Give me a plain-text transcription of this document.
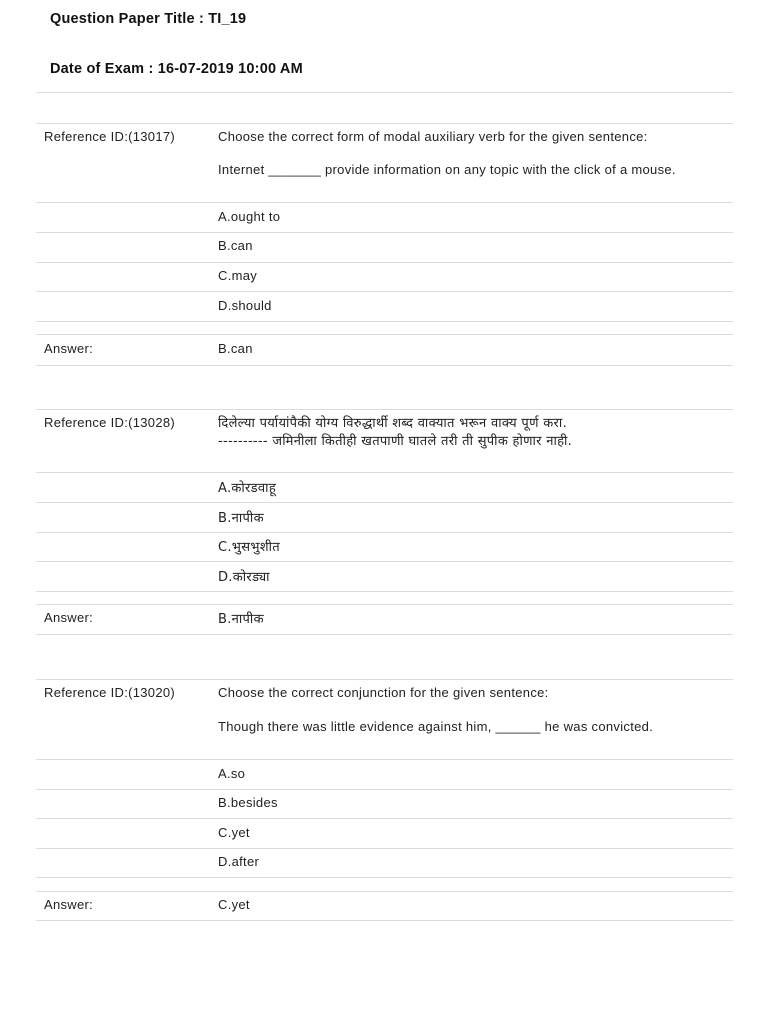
Question Paper Title : TI_19
Date of Exam : 16-07-2019 10:00 AM
Reference ID:(13017)	Choose the correct form of modal auxiliary verb for the given sentence:
Internet _______ provide information on any topic with the click of a mouse.
A.ought to
B.can
C.may
D.should
Answer:	B.can
Reference ID:(13028)	दिलेल्या पर्यायांपैकी योग्य विरुद्धार्थी शब्द वाक्यात भरून वाक्य पूर्ण करा.
---------- जमिनीला कितीही खतपाणी घातले तरी ती सुपीक होणार नाही.
A.कोरडवाहू
B.नापीक
C.भुसभुशीत
D.कोरड्या
Answer:	B.नापीक
Reference ID:(13020)	Choose the correct conjunction for the given sentence:
Though there was little evidence against him, ______ he was convicted.
A.so
B.besides
C.yet
D.after
Answer:	C.yet
